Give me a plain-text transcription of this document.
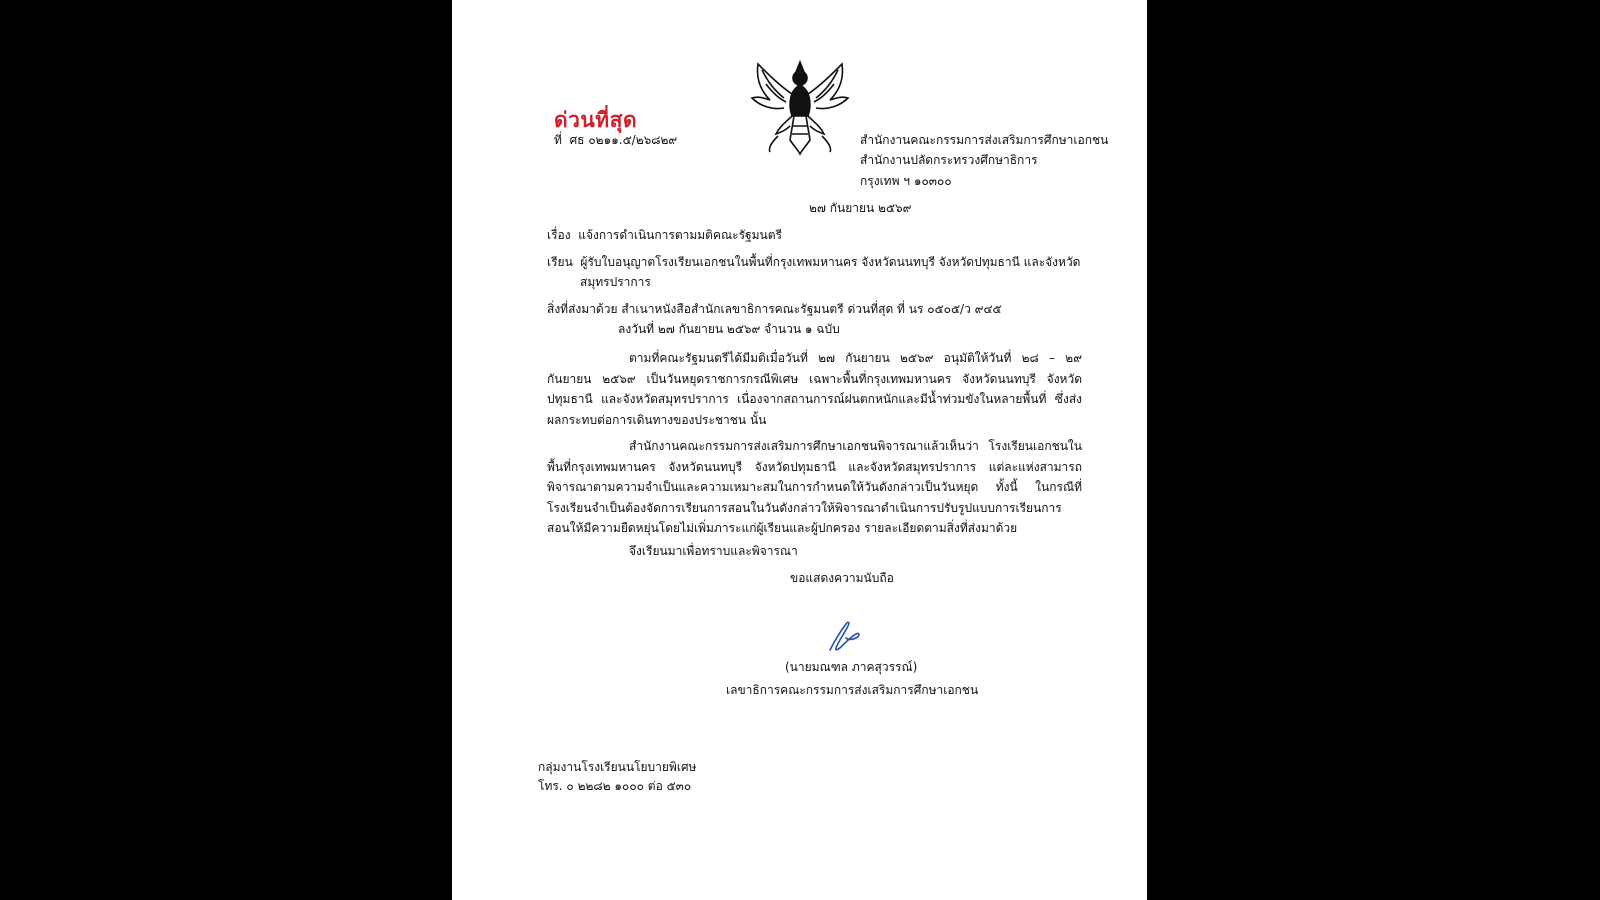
ด่วนที่สุด
ที่ ศธ ๐๒๑๑.๕/๒๖๘๒๙	สำนักงานคณะกรรมการส่งเสริมการศึกษาเอกชน
สำนักงานปลัดกระทรวงศึกษาธิการ
กรุงเทพ ฯ ๑๐๓๐๐
๒๗ กันยายน ๒๕๖๙
เรื่อง แจ้งการดำเนินการตามมติคณะรัฐมนตรี
เรียน ผู้รับใบอนุญาตโรงเรียนเอกชนในพื้นที่กรุงเทพมหานคร จังหวัดนนทบุรี จังหวัดปทุมธานี และจังหวัด
สมุทรปราการ
สิ่งที่ส่งมาด้วย สำเนาหนังสือสำนักเลขาธิการคณะรัฐมนตรี ด่วนที่สุด ที่ นร ๐๕๐๕/ว ๙๔๕
ลงวันที่ ๒๗ กันยายน ๒๕๖๙ จำนวน ๑ ฉบับ
ตามที่คณะรัฐมนตรีได้มีมติเมื่อวันที่ ๒๗ กันยายน ๒๕๖๙ อนุมัติให้วันที่ ๒๘ – ๒๙ กันยายน ๒๕๖๙ เป็นวันหยุดราชการกรณีพิเศษ เฉพาะพื้นที่กรุงเทพมหานคร จังหวัดนนทบุรี จังหวัดปทุมธานี และจังหวัดสมุทรปราการ เนื่องจากสถานการณ์ฝนตกหนักและมีน้ำท่วมขังในหลายพื้นที่ ซึ่งส่งผลกระทบต่อการเดินทางของประชาชน นั้น
สำนักงานคณะกรรมการส่งเสริมการศึกษาเอกชนพิจารณาแล้วเห็นว่า โรงเรียนเอกชนในพื้นที่กรุงเทพมหานคร จังหวัดนนทบุรี จังหวัดปทุมธานี และจังหวัดสมุทรปราการ แต่ละแห่งสามารถพิจารณาตามความจำเป็นและความเหมาะสมในการกำหนดให้วันดังกล่าวเป็นวันหยุด ทั้งนี้ ในกรณีที่โรงเรียนจำเป็นต้องจัดการเรียนการสอนในวันดังกล่าวให้พิจารณาดำเนินการปรับรูปแบบการเรียนการสอนให้มีความยืดหยุ่นโดยไม่เพิ่มภาระแก่ผู้เรียนและผู้ปกครอง รายละเอียดตามสิ่งที่ส่งมาด้วย
จึงเรียนมาเพื่อทราบและพิจารณา
ขอแสดงความนับถือ
(นายมณฑล ภาคสุวรรณ์)
เลขาธิการคณะกรรมการส่งเสริมการศึกษาเอกชน
กลุ่มงานโรงเรียนนโยบายพิเศษ
โทร. ๐ ๒๒๘๒ ๑๐๐๐ ต่อ ๕๓๐
